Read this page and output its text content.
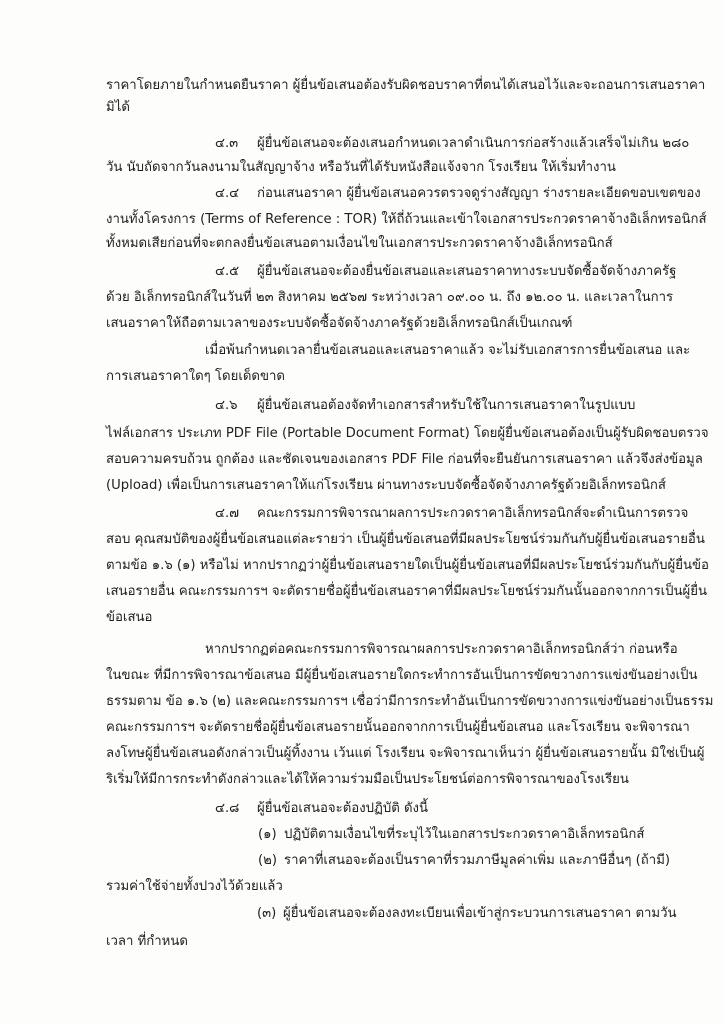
ราคาโดยภายในกำหนดยืนราคา ผู้ยื่นข้อเสนอต้องรับผิดชอบราคาที่ตนได้เสนอไว้และจะถอนการเสนอราคา
มิได้
๔.๓ ผู้ยื่นข้อเสนอจะต้องเสนอกำหนดเวลาดำเนินการก่อสร้างแล้วเสร็จไม่เกิน ๒๘๐
วัน นับถัดจากวันลงนามในสัญญาจ้าง หรือวันที่ได้รับหนังสือแจ้งจาก โรงเรียน ให้เริ่มทำงาน
๔.๔ ก่อนเสนอราคา ผู้ยื่นข้อเสนอควรตรวจดูร่างสัญญา ร่างรายละเอียดขอบเขตของ
งานทั้งโครงการ (Terms of Reference : TOR) ให้ถี่ถ้วนและเข้าใจเอกสารประกวดราคาจ้างอิเล็กทรอนิกส์
ทั้งหมดเสียก่อนที่จะตกลงยื่นข้อเสนอตามเงื่อนไขในเอกสารประกวดราคาจ้างอิเล็กทรอนิกส์
๔.๕ ผู้ยื่นข้อเสนอจะต้องยื่นข้อเสนอและเสนอราคาทางระบบจัดซื้อจัดจ้างภาครัฐ
ด้วย อิเล็กทรอนิกส์ในวันที่ ๒๓ สิงหาคม ๒๕๖๗ ระหว่างเวลา ๐๙.๐๐ น. ถึง ๑๒.๐๐ น. และเวลาในการ
เสนอราคาให้ถือตามเวลาของระบบจัดซื้อจัดจ้างภาครัฐด้วยอิเล็กทรอนิกส์เป็นเกณฑ์
เมื่อพ้นกำหนดเวลายื่นข้อเสนอและเสนอราคาแล้ว จะไม่รับเอกสารการยื่นข้อเสนอ และ
การเสนอราคาใดๆ โดยเด็ดขาด
๔.๖ ผู้ยื่นข้อเสนอต้องจัดทำเอกสารสำหรับใช้ในการเสนอราคาในรูปแบบ
ไฟล์เอกสาร ประเภท PDF File (Portable Document Format) โดยผู้ยื่นข้อเสนอต้องเป็นผู้รับผิดชอบตรวจ
สอบความครบถ้วน ถูกต้อง และชัดเจนของเอกสาร PDF File ก่อนที่จะยืนยันการเสนอราคา แล้วจึงส่งข้อมูล
(Upload) เพื่อเป็นการเสนอราคาให้แก่โรงเรียน ผ่านทางระบบจัดซื้อจัดจ้างภาครัฐด้วยอิเล็กทรอนิกส์
๔.๗ คณะกรรมการพิจารณาผลการประกวดราคาอิเล็กทรอนิกส์จะดำเนินการตรวจ
สอบ คุณสมบัติของผู้ยื่นข้อเสนอแต่ละรายว่า เป็นผู้ยื่นข้อเสนอที่มีผลประโยชน์ร่วมกันกับผู้ยื่นข้อเสนอรายอื่น
ตามข้อ ๑.๖ (๑) หรือไม่ หากปรากฏว่าผู้ยื่นข้อเสนอรายใดเป็นผู้ยื่นข้อเสนอที่มีผลประโยชน์ร่วมกันกับผู้ยื่นข้อ
เสนอรายอื่น คณะกรรมการฯ จะตัดรายชื่อผู้ยื่นข้อเสนอราคาที่มีผลประโยชน์ร่วมกันนั้นออกจากการเป็นผู้ยื่น
ข้อเสนอ
หากปรากฏต่อคณะกรรมการพิจารณาผลการประกวดราคาอิเล็กทรอนิกส์ว่า ก่อนหรือ
ในขณะ ที่มีการพิจารณาข้อเสนอ มีผู้ยื่นข้อเสนอรายใดกระทำการอันเป็นการขัดขวางการแข่งขันอย่างเป็น
ธรรมตาม ข้อ ๑.๖ (๒) และคณะกรรมการฯ เชื่อว่ามีการกระทำอันเป็นการขัดขวางการแข่งขันอย่างเป็นธรรม
คณะกรรมการฯ จะตัดรายชื่อผู้ยื่นข้อเสนอรายนั้นออกจากการเป็นผู้ยื่นข้อเสนอ และโรงเรียน จะพิจารณา
ลงโทษผู้ยื่นข้อเสนอดังกล่าวเป็นผู้ทิ้งงาน เว้นแต่ โรงเรียน จะพิจารณาเห็นว่า ผู้ยื่นข้อเสนอรายนั้น มิใช่เป็นผู้
ริเริ่มให้มีการกระทำดังกล่าวและได้ให้ความร่วมมือเป็นประโยชน์ต่อการพิจารณาของโรงเรียน
๔.๘ ผู้ยื่นข้อเสนอจะต้องปฏิบัติ ดังนี้
(๑) ปฏิบัติตามเงื่อนไขที่ระบุไว้ในเอกสารประกวดราคาอิเล็กทรอนิกส์
(๒) ราคาที่เสนอจะต้องเป็นราคาที่รวมภาษีมูลค่าเพิ่ม และภาษีอื่นๆ (ถ้ามี)
รวมค่าใช้จ่ายทั้งปวงไว้ด้วยแล้ว
(๓) ผู้ยื่นข้อเสนอจะต้องลงทะเบียนเพื่อเข้าสู่กระบวนการเสนอราคา ตามวัน
เวลา ที่กำหนด
